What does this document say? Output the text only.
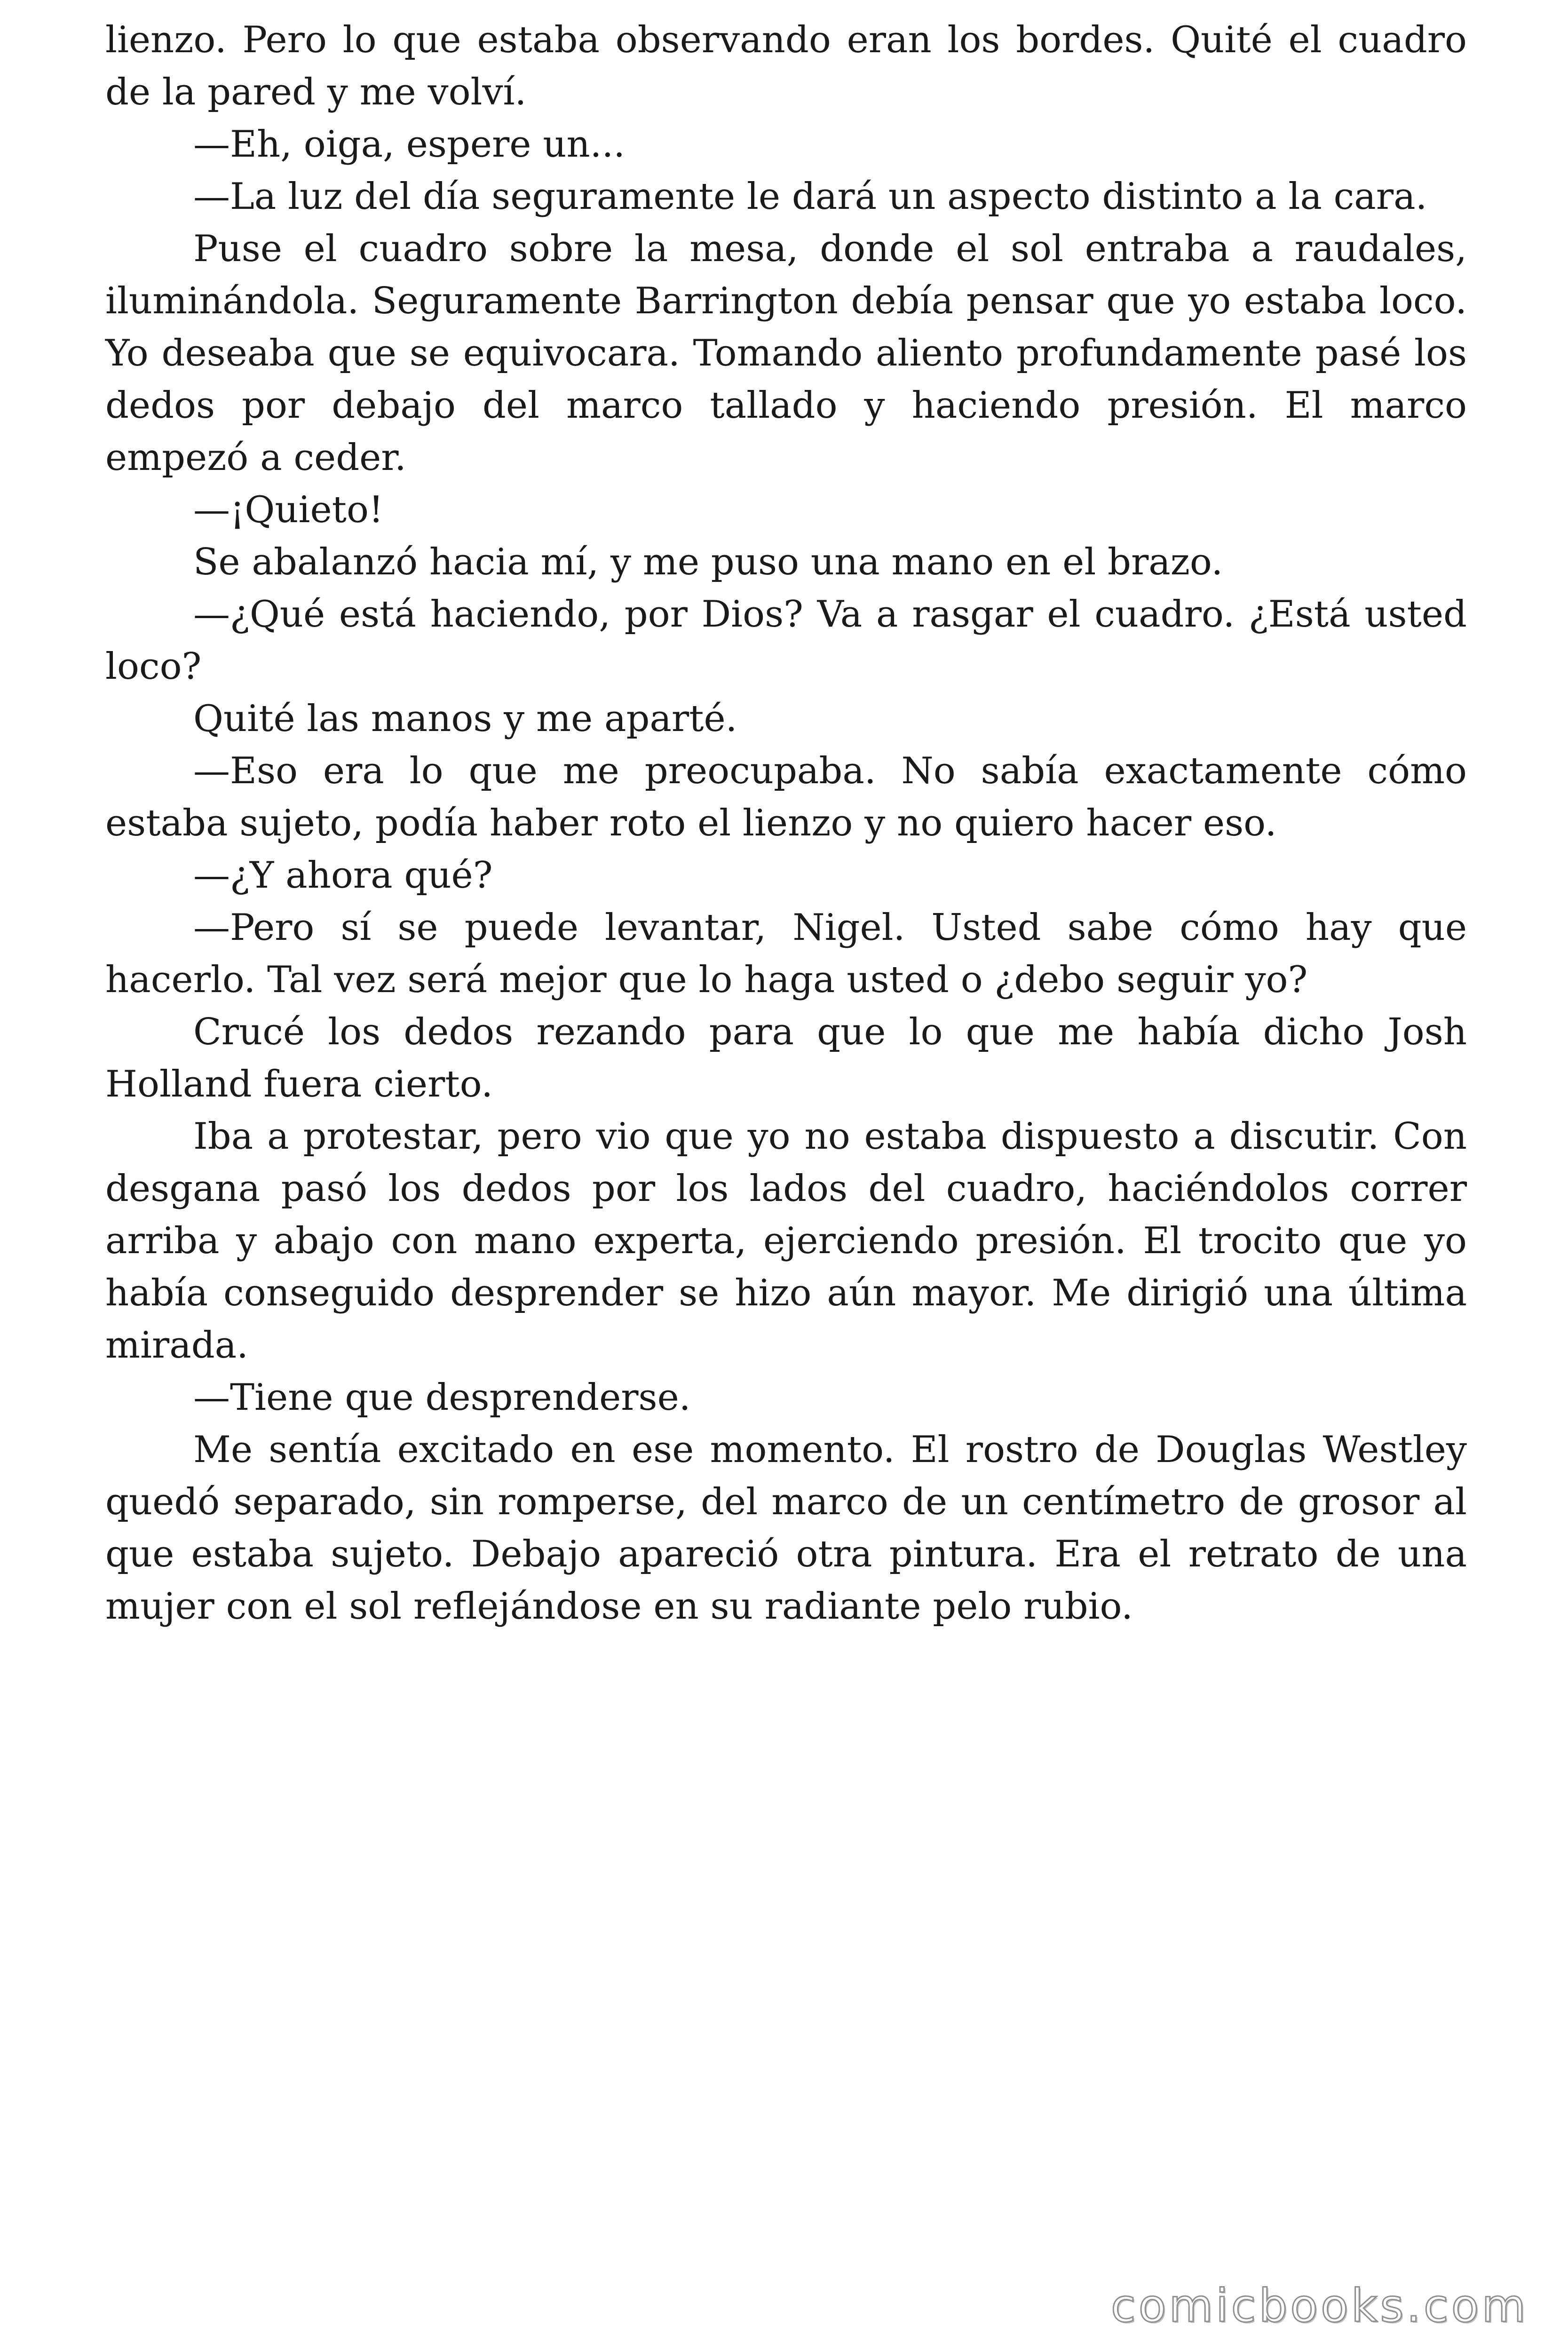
lienzo. Pero lo que estaba observando eran los bordes. Quité el cuadro de la pared y me volví.

—Eh, oiga, espere un...

—La luz del día seguramente le dará un aspecto distinto a la cara.

Puse el cuadro sobre la mesa, donde el sol entraba a raudales, iluminándola. Seguramente Barrington debía pensar que yo estaba loco. Yo deseaba que se equivocara. Tomando aliento profundamente pasé los dedos por debajo del marco tallado y haciendo presión. El marco empezó a ceder.

—¡Quieto!

Se abalanzó hacia mí, y me puso una mano en el brazo.

—¿Qué está haciendo, por Dios? Va a rasgar el cuadro. ¿Está usted loco?

Quité las manos y me aparté.

—Eso era lo que me preocupaba. No sabía exactamente cómo estaba sujeto, podía haber roto el lienzo y no quiero hacer eso.

—¿Y ahora qué?

—Pero sí se puede levantar, Nigel. Usted sabe cómo hay que hacerlo. Tal vez será mejor que lo haga usted o ¿debo seguir yo?

Crucé los dedos rezando para que lo que me había dicho Josh Holland fuera cierto.

Iba a protestar, pero vio que yo no estaba dispuesto a discutir. Con desgana pasó los dedos por los lados del cuadro, haciéndolos correr arriba y abajo con mano experta, ejerciendo presión. El trocito que yo había conseguido desprender se hizo aún mayor. Me dirigió una última mirada.

—Tiene que desprenderse.

Me sentía excitado en ese momento. El rostro de Douglas Westley quedó separado, sin romperse, del marco de un centímetro de grosor al que estaba sujeto. Debajo apareció otra pintura. Era el retrato de una mujer con el sol reflejándose en su radiante pelo rubio.

comicbooks.com
